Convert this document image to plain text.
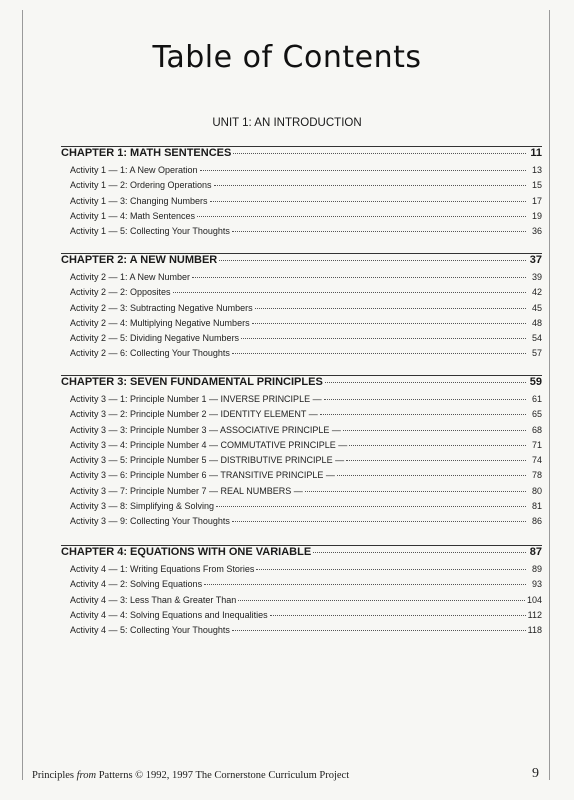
Table of Contents
UNIT 1: AN INTRODUCTION
CHAPTER 1: MATH SENTENCES	11
Activity 1 — 1: A New Operation	13
Activity 1 — 2: Ordering Operations	15
Activity 1 — 3: Changing Numbers	17
Activity 1 — 4: Math Sentences	19
Activity 1 — 5: Collecting Your Thoughts	36
CHAPTER 2: A NEW NUMBER	37
Activity 2 — 1: A New Number	39
Activity 2 — 2: Opposites	42
Activity 2 — 3: Subtracting Negative Numbers	45
Activity 2 — 4: Multiplying Negative Numbers	48
Activity 2 — 5: Dividing Negative Numbers	54
Activity 2 — 6: Collecting Your Thoughts	57
CHAPTER 3: SEVEN FUNDAMENTAL PRINCIPLES	59
Activity 3 — 1: Principle Number 1 — INVERSE PRINCIPLE —	61
Activity 3 — 2: Principle Number 2 — IDENTITY ELEMENT —	65
Activity 3 — 3: Principle Number 3 — ASSOCIATIVE PRINCIPLE —	68
Activity 3 — 4: Principle Number 4 — COMMUTATIVE PRINCIPLE —	71
Activity 3 — 5: Principle Number 5 — DISTRIBUTIVE PRINCIPLE —	74
Activity 3 — 6: Principle Number 6 — TRANSITIVE PRINCIPLE —	78
Activity 3 — 7: Principle Number 7 — REAL NUMBERS —	80
Activity 3 — 8: Simplifying & Solving	81
Activity 3 — 9: Collecting Your Thoughts	86
CHAPTER 4: EQUATIONS WITH ONE VARIABLE	87
Activity 4 — 1: Writing Equations From Stories	89
Activity 4 — 2: Solving Equations	93
Activity 4 — 3: Less Than & Greater Than	104
Activity 4 — 4: Solving Equations and Inequalities	112
Activity 4 — 5: Collecting Your Thoughts	118
Principles from Patterns © 1992, 1997 The Cornerstone Curriculum Project	9
